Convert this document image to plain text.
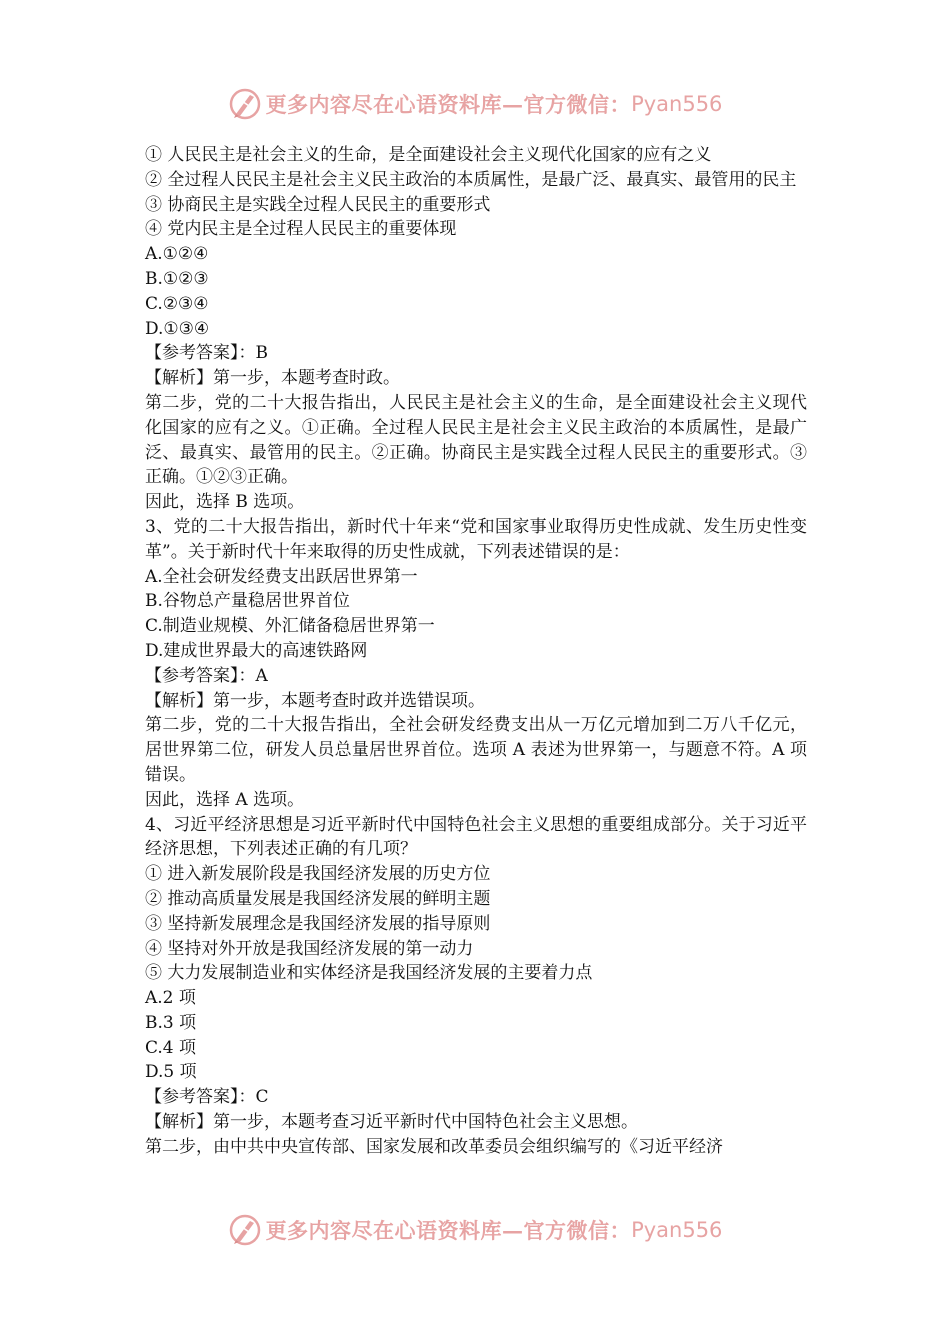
更多内容尽在心语资料库—官方微信： Pyan556

① 人民民主是社会主义的生命，是全面建设社会主义现代化国家的应有之义

② 全过程人民民主是社会主义民主政治的本质属性，是最广泛、最真实、最管用的民主

③ 协商民主是实践全过程人民民主的重要形式

④ 党内民主是全过程人民民主的重要体现

A.①②④

B.①②③

C.②③④

D.①③④

【参考答案】：B

【解析】第一步，本题考查时政。

第二步，党的二十大报告指出，人民民主是社会主义的生命，是全面建设社会主义现代化国家的应有之义。①正确。全过程人民民主是社会主义民主政治的本质属性，是最广泛、最真实、最管用的民主。②正确。协商民主是实践全过程人民民主的重要形式。③正确。①②③正确。

因此，选择 B 选项。

3、党的二十大报告指出，新时代十年来“党和国家事业取得历史性成就、发生历史性变革”。关于新时代十年来取得的历史性成就，下列表述错误的是：

A.全社会研发经费支出跃居世界第一

B.谷物总产量稳居世界首位

C.制造业规模、外汇储备稳居世界第一

D.建成世界最大的高速铁路网

【参考答案】：A

【解析】第一步，本题考查时政并选错误项。

第二步，党的二十大报告指出，全社会研发经费支出从一万亿元增加到二万八千亿元，居世界第二位，研发人员总量居世界首位。选项 A 表述为世界第一，与题意不符。A 项错误。

因此，选择 A 选项。

4、习近平经济思想是习近平新时代中国特色社会主义思想的重要组成部分。关于习近平经济思想，下列表述正确的有几项？

① 进入新发展阶段是我国经济发展的历史方位

② 推动高质量发展是我国经济发展的鲜明主题

③ 坚持新发展理念是我国经济发展的指导原则

④ 坚持对外开放是我国经济发展的第一动力

⑤ 大力发展制造业和实体经济是我国经济发展的主要着力点

A.2 项

B.3 项

C.4 项

D.5 项

【参考答案】：C

【解析】第一步，本题考查习近平新时代中国特色社会主义思想。

第二步，由中共中央宣传部、国家发展和改革委员会组织编写的《习近平经济

更多内容尽在心语资料库—官方微信： Pyan556
